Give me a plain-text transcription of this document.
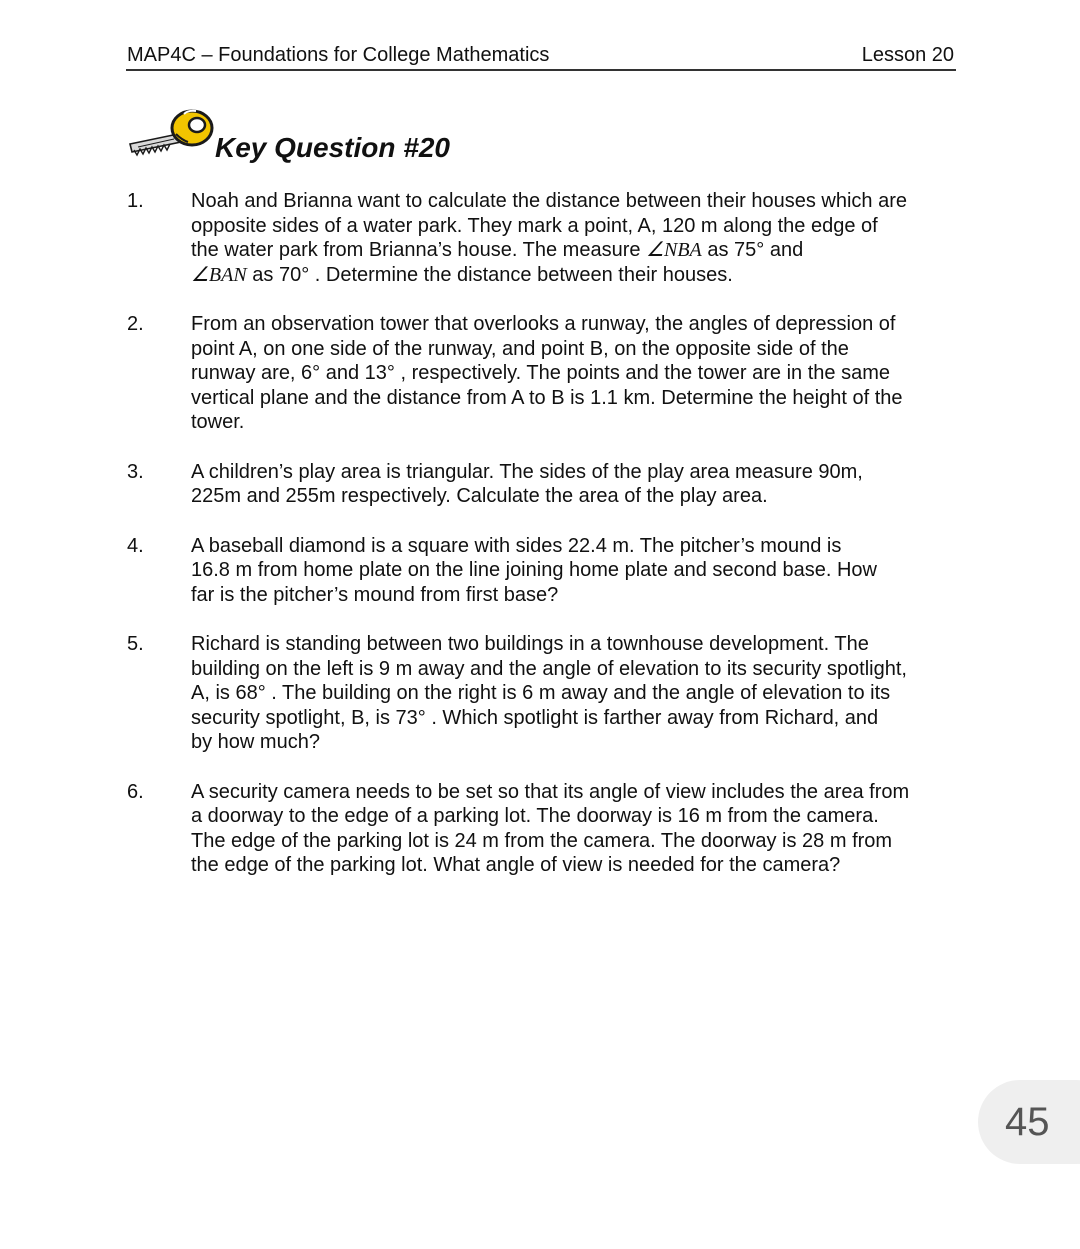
MAP4C – Foundations for College Mathematics	Lesson 20
Key Question #20
1. Noah and Brianna want to calculate the distance between their houses which are
opposite sides of a water park. They mark a point, A, 120 m along the edge of
the water park from Brianna’s house. The measure ∠NBA as 75° and
∠BAN as 70° . Determine the distance between their houses.
2. From an observation tower that overlooks a runway, the angles of depression of
point A, on one side of the runway, and point B, on the opposite side of the
runway are, 6° and 13° , respectively. The points and the tower are in the same
vertical plane and the distance from A to B is 1.1 km. Determine the height of the
tower.
3. A children’s play area is triangular. The sides of the play area measure 90m,
225m and 255m respectively. Calculate the area of the play area.
4. A baseball diamond is a square with sides 22.4 m. The pitcher’s mound is
16.8 m from home plate on the line joining home plate and second base. How
far is the pitcher’s mound from first base?
5. Richard is standing between two buildings in a townhouse development. The
building on the left is 9 m away and the angle of elevation to its security spotlight,
A, is 68° . The building on the right is 6 m away and the angle of elevation to its
security spotlight, B, is 73° . Which spotlight is farther away from Richard, and
by how much?
6. A security camera needs to be set so that its angle of view includes the area from
a doorway to the edge of a parking lot. The doorway is 16 m from the camera.
The edge of the parking lot is 24 m from the camera. The doorway is 28 m from
the edge of the parking lot. What angle of view is needed for the camera?
45
